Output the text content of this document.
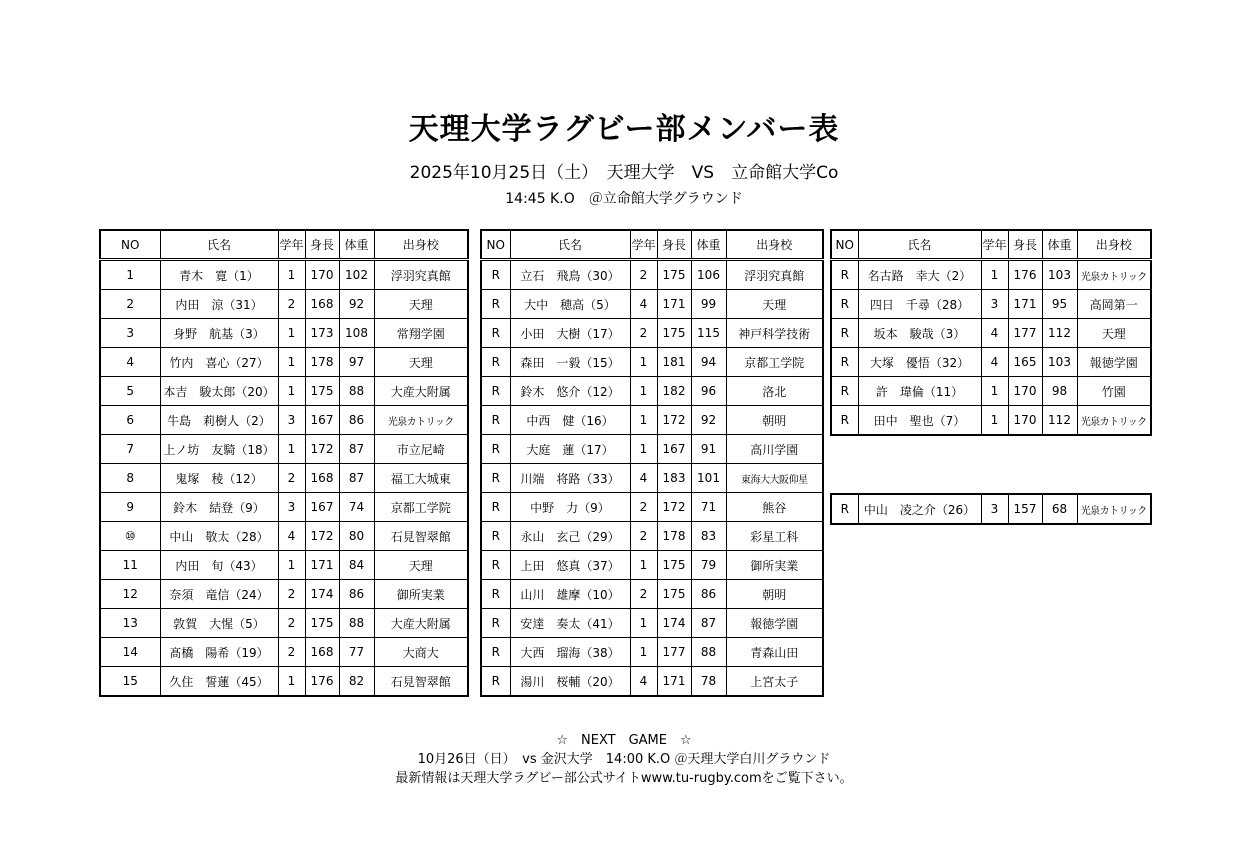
天理大学ラグビー部メンバー表
2025年10月25日（土）　天理大学　VS　立命館大学Co
14:45 K.O　＠立命館大学グラウンド
NO	氏名	学年	身長	体重	出身校
1	青木　寛（1）	1	170	102	浮羽究真館
2	内田　涼（31）	2	168	92	天理
3	身野　航基（3）	1	173	108	常翔学園
4	竹内　喜心（27）	1	178	97	天理
5	本吉　駿太郎（20）	1	175	88	大産大附属
6	牛島　莉樹人（2）	3	167	86	光泉カトリック
7	上ノ坊　友騎（18）	1	172	87	市立尼崎
8	鬼塚　稜（12）	2	168	87	福工大城東
9	鈴木　結登（9）	3	167	74	京都工学院
⑩	中山　敬太（28）	4	172	80	石見智翠館
11	内田　旬（43）	1	171	84	天理
12	奈須　竜信（24）	2	174	86	御所実業
13	敦賀　大惺（5）	2	175	88	大産大附属
14	髙橋　陽希（19）	2	168	77	大商大
15	久住　誓蓮（45）	1	176	82	石見智翠館
NO	氏名	学年	身長	体重	出身校
R	立石　飛鳥（30）	2	175	106	浮羽究真館
R	大中　穂高（5）	4	171	99	天理
R	小田　大樹（17）	2	175	115	神戸科学技術
R	森田　一毅（15）	1	181	94	京都工学院
R	鈴木　悠介（12）	1	182	96	洛北
R	中西　健（16）	1	172	92	朝明
R	大庭　蓮（17）	1	167	91	高川学園
R	川端　将路（33）	4	183	101	東海大大阪仰星
R	中野　力（9）	2	172	71	熊谷
R	永山　玄己（29）	2	178	83	彩星工科
R	上田　悠真（37）	1	175	79	御所実業
R	山川　雄摩（10）	2	175	86	朝明
R	安達　奏太（41）	1	174	87	報徳学園
R	大西　瑠海（38）	1	177	88	青森山田
R	湯川　桜輔（20）	4	171	78	上宮太子
NO	氏名	学年	身長	体重	出身校
R	名古路　幸大（2）	1	176	103	光泉カトリック
R	四日　千尋（28）	3	171	95	高岡第一
R	坂本　駿哉（3）	4	177	112	天理
R	大塚　優悟（32）	4	165	103	報徳学園
R	許　瑋倫（11）	1	170	98	竹園
R	田中　聖也（7）	1	170	112	光泉カトリック
R	中山　凌之介（26）	3	157	68	光泉カトリック
☆　NEXT　GAME　☆
10月26日（日）　vs 金沢大学　14:00 K.O ＠天理大学白川グラウンド
最新情報は天理大学ラグビー部公式サイトwww.tu-rugby.comをご覧下さい。
